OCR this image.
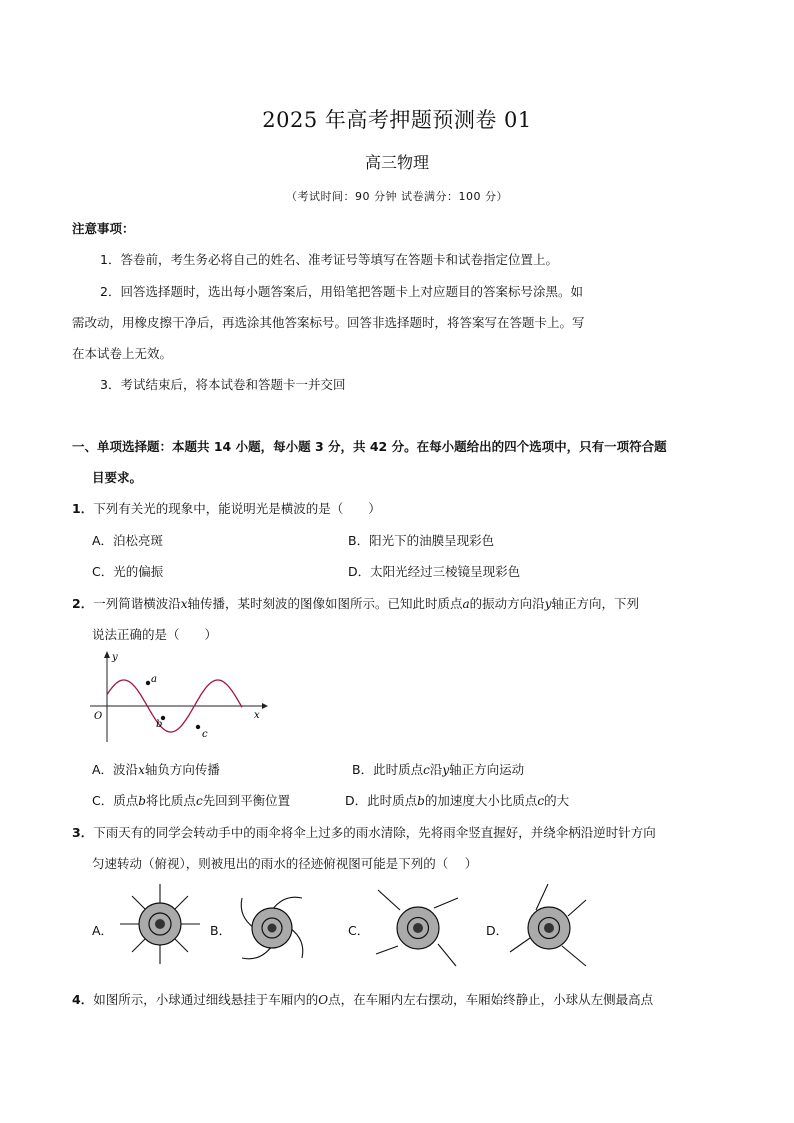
2025 年高考押题预测卷 01
高三物理
（考试时间：90 分钟 试卷满分：100 分）
注意事项：
1．答卷前，考生务必将自己的姓名、准考证号等填写在答题卡和试卷指定位置上。
2．回答选择题时，选出每小题答案后，用铅笔把答题卡上对应题目的答案标号涂黑。如
需改动，用橡皮擦干净后，再选涂其他答案标号。回答非选择题时，将答案写在答题卡上。写
在本试卷上无效。
3．考试结束后，将本试卷和答题卡一并交回
一、单项选择题：本题共 14 小题，每小题 3 分，共 42 分。在每小题给出的四个选项中，只有一项符合题
目要求。
1．下列有关光的现象中，能说明光是横波的是（　　）
A．泊松亮斑	B．阳光下的油膜呈现彩色
C．光的偏振	D．太阳光经过三棱镜呈现彩色
2．一列简谐横波沿x轴传播，某时刻波的图像如图所示。已知此时质点a的振动方向沿y轴正方向，下列
说法正确的是（　　）
a
b
c
y
x
O
A．波沿x轴负方向传播	B．此时质点c沿y轴正方向运动
C．质点b将比质点c先回到平衡位置	D．此时质点b的加速度大小比质点c的大
3．下雨天有的同学会转动手中的雨伞将伞上过多的雨水清除，先将雨伞竖直握好，并绕伞柄沿逆时针方向
匀速转动（俯视），则被甩出的雨水的径迹俯视图可能是下列的（　 ）
A．	B．	C．	D．
4．如图所示，小球通过细线悬挂于车厢内的O点，在车厢内左右摆动，车厢始终静止，小球从左侧最高点
